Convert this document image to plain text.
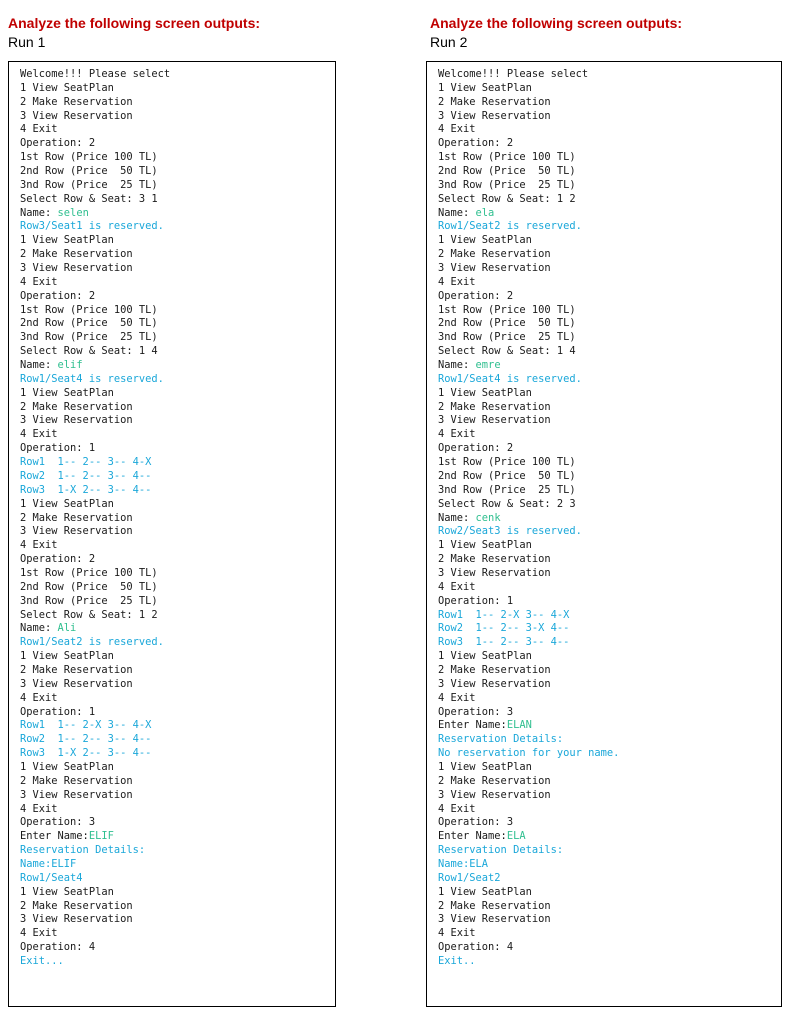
Analyze the following screen outputs:
Run 1
Analyze the following screen outputs:
Run 2
Welcome!!! Please select
1 View SeatPlan
2 Make Reservation
3 View Reservation
4 Exit
Operation: 2
1st Row (Price 100 TL)
2nd Row (Price  50 TL)
3nd Row (Price  25 TL)
Select Row & Seat: 3 1
Name: selen
Row3/Seat1 is reserved.
1 View SeatPlan
2 Make Reservation
3 View Reservation
4 Exit
Operation: 2
1st Row (Price 100 TL)
2nd Row (Price  50 TL)
3nd Row (Price  25 TL)
Select Row & Seat: 1 4
Name: elif
Row1/Seat4 is reserved.
1 View SeatPlan
2 Make Reservation
3 View Reservation
4 Exit
Operation: 1
Row1  1-- 2-- 3-- 4-X
Row2  1-- 2-- 3-- 4--
Row3  1-X 2-- 3-- 4--
1 View SeatPlan
2 Make Reservation
3 View Reservation
4 Exit
Operation: 2
1st Row (Price 100 TL)
2nd Row (Price  50 TL)
3nd Row (Price  25 TL)
Select Row & Seat: 1 2
Name: Ali
Row1/Seat2 is reserved.
1 View SeatPlan
2 Make Reservation
3 View Reservation
4 Exit
Operation: 1
Row1  1-- 2-X 3-- 4-X
Row2  1-- 2-- 3-- 4--
Row3  1-X 2-- 3-- 4--
1 View SeatPlan
2 Make Reservation
3 View Reservation
4 Exit
Operation: 3
Enter Name:ELIF
Reservation Details:
Name:ELIF
Row1/Seat4
1 View SeatPlan
2 Make Reservation
3 View Reservation
4 Exit
Operation: 4
Exit...
Welcome!!! Please select
1 View SeatPlan
2 Make Reservation
3 View Reservation
4 Exit
Operation: 2
1st Row (Price 100 TL)
2nd Row (Price  50 TL)
3nd Row (Price  25 TL)
Select Row & Seat: 1 2
Name: ela
Row1/Seat2 is reserved.
1 View SeatPlan
2 Make Reservation
3 View Reservation
4 Exit
Operation: 2
1st Row (Price 100 TL)
2nd Row (Price  50 TL)
3nd Row (Price  25 TL)
Select Row & Seat: 1 4
Name: emre
Row1/Seat4 is reserved.
1 View SeatPlan
2 Make Reservation
3 View Reservation
4 Exit
Operation: 2
1st Row (Price 100 TL)
2nd Row (Price  50 TL)
3nd Row (Price  25 TL)
Select Row & Seat: 2 3
Name: cenk
Row2/Seat3 is reserved.
1 View SeatPlan
2 Make Reservation
3 View Reservation
4 Exit
Operation: 1
Row1  1-- 2-X 3-- 4-X
Row2  1-- 2-- 3-X 4--
Row3  1-- 2-- 3-- 4--
1 View SeatPlan
2 Make Reservation
3 View Reservation
4 Exit
Operation: 3
Enter Name:ELAN
Reservation Details:
No reservation for your name.
1 View SeatPlan
2 Make Reservation
3 View Reservation
4 Exit
Operation: 3
Enter Name:ELA
Reservation Details:
Name:ELA
Row1/Seat2
1 View SeatPlan
2 Make Reservation
3 View Reservation
4 Exit
Operation: 4
Exit..
